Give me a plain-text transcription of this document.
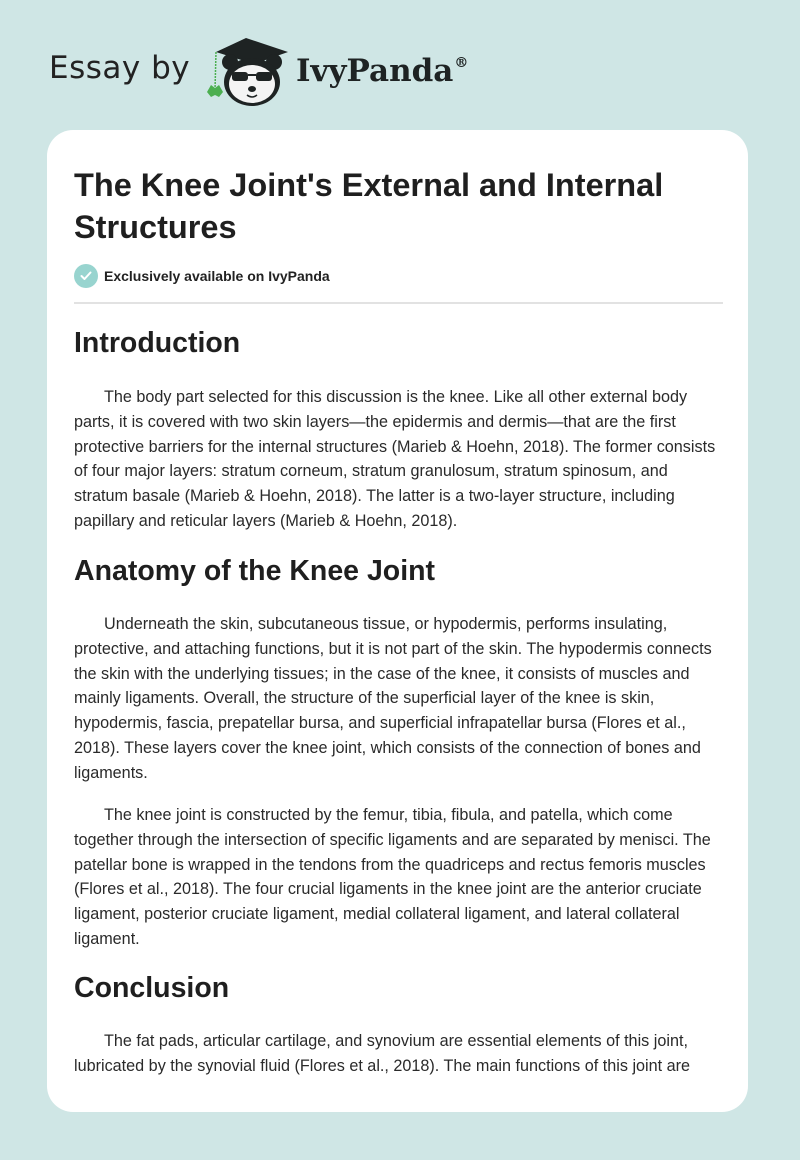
Essay by	IvyPanda®
The Knee Joint's External and Internal Structures
Exclusively available on IvyPanda
Introduction

The body part selected for this discussion is the knee. Like all other external body parts, it is covered with two skin layers—the epidermis and dermis—that are the first protective barriers for the internal structures (Marieb & Hoehn, 2018). The former consists of four major layers: stratum corneum, stratum granulosum, stratum spinosum, and stratum basale (Marieb & Hoehn, 2018). The latter is a two-layer structure, including papillary and reticular layers (Marieb & Hoehn, 2018).

Anatomy of the Knee Joint

Underneath the skin, subcutaneous tissue, or hypodermis, performs insulating, protective, and attaching functions, but it is not part of the skin. The hypodermis connects the skin with the underlying tissues; in the case of the knee, it consists of muscles and mainly ligaments. Overall, the structure of the superficial layer of the knee is skin, hypodermis, fascia, prepatellar bursa, and superficial infrapatellar bursa (Flores et al., 2018). These layers cover the knee joint, which consists of the connection of bones and ligaments.

The knee joint is constructed by the femur, tibia, fibula, and patella, which come together through the intersection of specific ligaments and are separated by menisci. The patellar bone is wrapped in the tendons from the quadriceps and rectus femoris muscles (Flores et al., 2018). The four crucial ligaments in the knee joint are the anterior cruciate ligament, posterior cruciate ligament, medial collateral ligament, and lateral collateral ligament.

Conclusion

The fat pads, articular cartilage, and synovium are essential elements of this joint, lubricated by the synovial fluid (Flores et al., 2018). The main functions of this joint are
